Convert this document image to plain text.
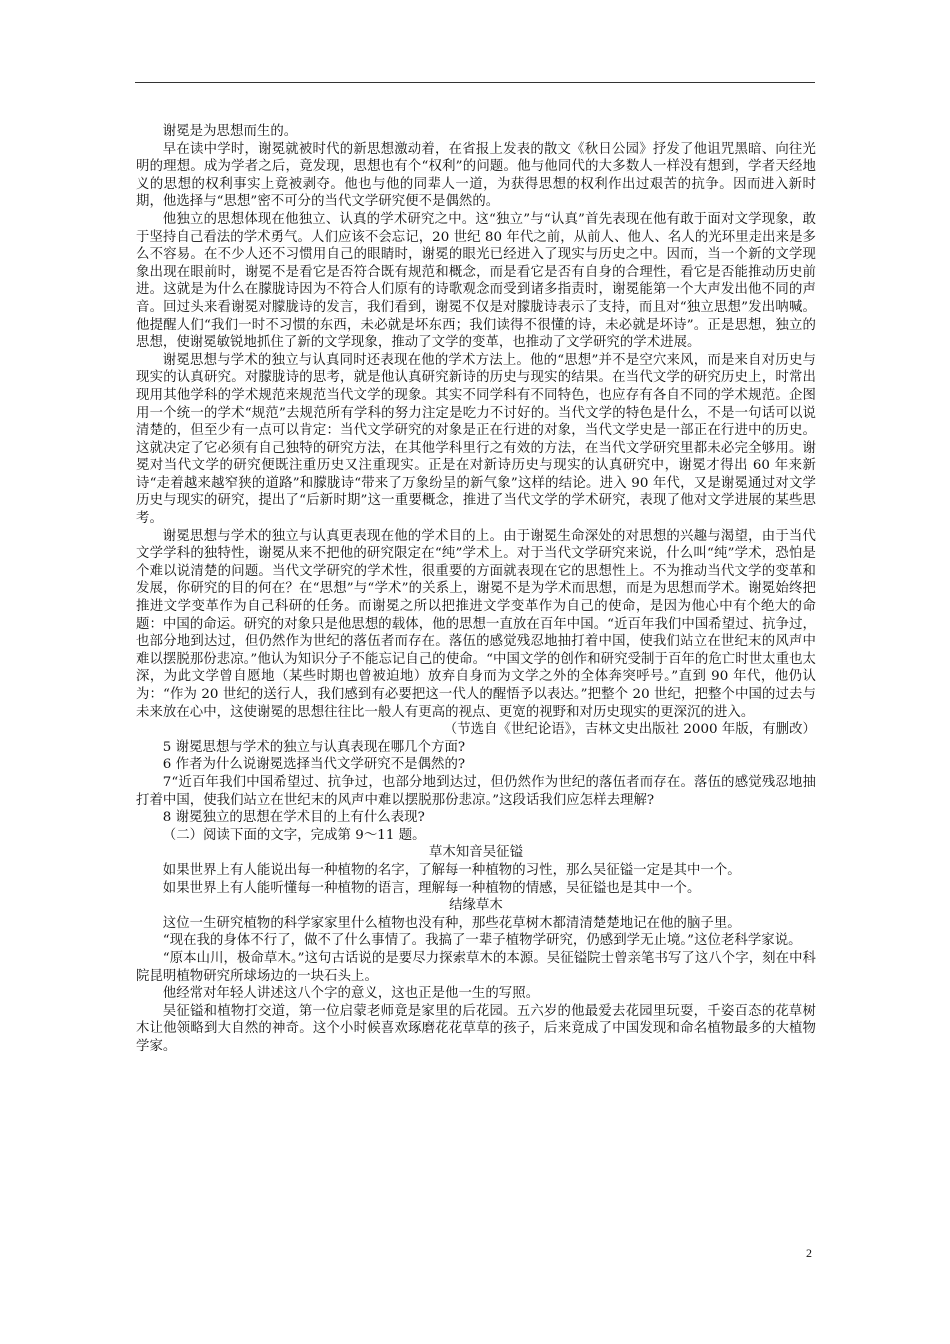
谢冕是为思想而生的。

早在读中学时，谢冕就被时代的新思想激动着，在省报上发表的散文《秋日公园》抒发了他诅咒黑暗、向往光明的理想。成为学者之后，竟发现，思想也有个“权利”的问题。他与他同代的大多数人一样没有想到，学者天经地义的思想的权利事实上竟被剥夺。他也与他的同辈人一道，为获得思想的权利作出过艰苦的抗争。因而进入新时期，他选择与“思想”密不可分的当代文学研究便不是偶然的。

他独立的思想体现在他独立、认真的学术研究之中。这“独立”与“认真”首先表现在他有敢于面对文学现象，敢于坚持自己看法的学术勇气。人们应该不会忘记，20 世纪 80 年代之前，从前人、他人、名人的光环里走出来是多么不容易。在不少人还不习惯用自己的眼睛时，谢冕的眼光已经进入了现实与历史之中。因而，当一个新的文学现象出现在眼前时，谢冕不是看它是否符合既有规范和概念，而是看它是否有自身的合理性，看它是否能推动历史前进。这就是为什么在朦胧诗因为不符合人们原有的诗歌观念而受到诸多指责时，谢冕能第一个大声发出他不同的声音。回过头来看谢冕对朦胧诗的发言，我们看到，谢冕不仅是对朦胧诗表示了支持，而且对“独立思想”发出呐喊。他提醒人们“我们一时不习惯的东西，未必就是坏东西；我们读得不很懂的诗，未必就是坏诗”。正是思想，独立的思想，使谢冕敏锐地抓住了新的文学现象，推动了文学的变革，也推动了文学研究的学术进展。

谢冕思想与学术的独立与认真同时还表现在他的学术方法上。他的“思想”并不是空穴来风，而是来自对历史与现实的认真研究。对朦胧诗的思考，就是他认真研究新诗的历史与现实的结果。在当代文学的研究历史上，时常出现用其他学科的学术规范来规范当代文学的现象。其实不同学科有不同特色，也应存有各自不同的学术规范。企图用一个统一的学术“规范”去规范所有学科的努力注定是吃力不讨好的。当代文学的特色是什么，不是一句话可以说清楚的，但至少有一点可以肯定：当代文学研究的对象是正在行进的对象，当代文学史是一部正在行进中的历史。这就决定了它必须有自己独特的研究方法，在其他学科里行之有效的方法，在当代文学研究里都未必完全够用。谢冕对当代文学的研究便既注重历史又注重现实。正是在对新诗历史与现实的认真研究中，谢冕才得出 60 年来新诗“走着越来越窄狭的道路”和朦胧诗“带来了万象纷呈的新气象”这样的结论。进入 90 年代，又是谢冕通过对文学历史与现实的研究，提出了“后新时期”这一重要概念，推进了当代文学的学术研究，表现了他对文学进展的某些思考。

谢冕思想与学术的独立与认真更表现在他的学术目的上。由于谢冕生命深处的对思想的兴趣与渴望，由于当代文学学科的独特性，谢冕从来不把他的研究限定在“纯”学术上。对于当代文学研究来说，什么叫“纯”学术，恐怕是个难以说清楚的问题。当代文学研究的学术性，很重要的方面就表现在它的思想性上。不为推动当代文学的变革和发展，你研究的目的何在？在“思想”与“学术”的关系上，谢冕不是为学术而思想，而是为思想而学术。谢冕始终把推进文学变革作为自己科研的任务。而谢冕之所以把推进文学变革作为自己的使命，是因为他心中有个绝大的命题：中国的命运。研究的对象只是他思想的载体，他的思想一直放在百年中国。“近百年我们中国希望过、抗争过，也部分地到达过，但仍然作为世纪的落伍者而存在。落伍的感觉残忍地抽打着中国，使我们站立在世纪末的风声中难以摆脱那份悲凉。”他认为知识分子不能忘记自己的使命。“中国文学的创作和研究受制于百年的危亡时世太重也太深，为此文学曾自愿地（某些时期也曾被迫地）放弃自身而为文学之外的全体奔突呼号。”直到 90 年代，他仍认为：“作为 20 世纪的送行人，我们感到有必要把这一代人的醒悟予以表达。”把整个 20 世纪，把整个中国的过去与未来放在心中，这使谢冕的思想往往比一般人有更高的视点、更宽的视野和对历史现实的更深沉的进入。

（节选自《世纪论语》，吉林文史出版社 2000 年版，有删改）

5 谢冕思想与学术的独立与认真表现在哪几个方面?

6 作者为什么说谢冕选择当代文学研究不是偶然的?

7“近百年我们中国希望过、抗争过，也部分地到达过，但仍然作为世纪的落伍者而存在。落伍的感觉残忍地抽打着中国，使我们站立在世纪末的风声中难以摆脱那份悲凉。”这段话我们应怎样去理解?

8 谢冕独立的思想在学术目的上有什么表现?

（二）阅读下面的文字，完成第 9～11 题。

草木知音吴征镒

如果世界上有人能说出每一种植物的名字，了解每一种植物的习性，那么吴征镒一定是其中一个。

如果世界上有人能听懂每一种植物的语言，理解每一种植物的情感，吴征镒也是其中一个。

结缘草木

这位一生研究植物的科学家家里什么植物也没有种，那些花草树木都清清楚楚地记在他的脑子里。

“现在我的身体不行了，做不了什么事情了。我搞了一辈子植物学研究，仍感到学无止境。”这位老科学家说。

“原本山川，极命草木。”这句古话说的是要尽力探索草木的本源。吴征镒院士曾亲笔书写了这八个字，刻在中科院昆明植物研究所球场边的一块石头上。

他经常对年轻人讲述这八个字的意义，这也正是他一生的写照。

吴征镒和植物打交道，第一位启蒙老师竟是家里的后花园。五六岁的他最爱去花园里玩耍，千姿百态的花草树木让他领略到大自然的神奇。这个小时候喜欢琢磨花花草草的孩子，后来竟成了中国发现和命名植物最多的大植物学家。

2
